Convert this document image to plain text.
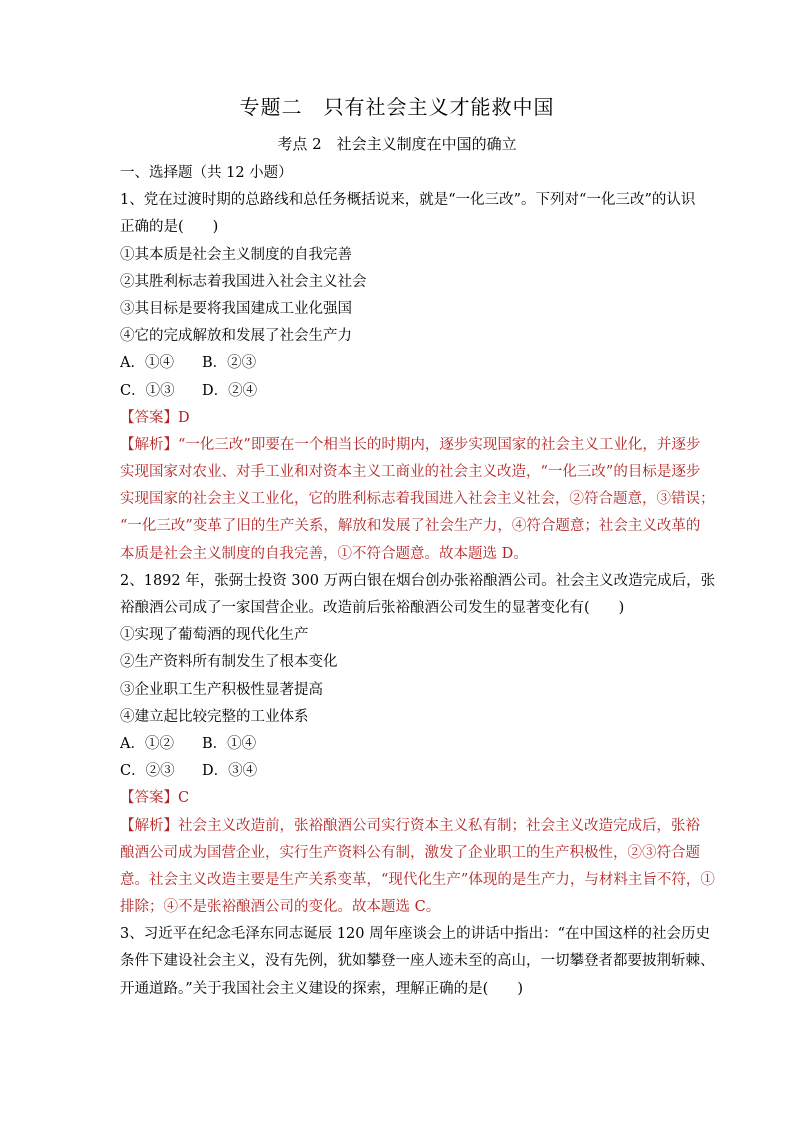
专题二　只有社会主义才能救中国
考点 2　社会主义制度在中国的确立
一、选择题（共 12 小题）
1、党在过渡时期的总路线和总任务概括说来，就是“一化三改”。下列对“一化三改”的认识
正确的是(　　)
①其本质是社会主义制度的自我完善
②其胜利标志着我国进入社会主义社会
③其目标是要将我国建成工业化强国
④它的完成解放和发展了社会生产力
A．①④ B．②③
C．①③ D．②④
【答案】D
【解析】“一化三改”即要在一个相当长的时期内，逐步实现国家的社会主义工业化，并逐步
实现国家对农业、对手工业和对资本主义工商业的社会主义改造，“一化三改”的目标是逐步
实现国家的社会主义工业化，它的胜利标志着我国进入社会主义社会，②符合题意，③错误；
“一化三改”变革了旧的生产关系，解放和发展了社会生产力，④符合题意；社会主义改革的
本质是社会主义制度的自我完善，①不符合题意。故本题选 D。
2、1892 年，张弼士投资 300 万两白银在烟台创办张裕酿酒公司。社会主义改造完成后，张
裕酿酒公司成了一家国营企业。改造前后张裕酿酒公司发生的显著变化有(　　)
①实现了葡萄酒的现代化生产
②生产资料所有制发生了根本变化
③企业职工生产积极性显著提高
④建立起比较完整的工业体系
A．①② B．①④
C．②③ D．③④
【答案】C
【解析】社会主义改造前，张裕酿酒公司实行资本主义私有制；社会主义改造完成后，张裕
酿酒公司成为国营企业，实行生产资料公有制，激发了企业职工的生产积极性，②③符合题
意。社会主义改造主要是生产关系变革，“现代化生产”体现的是生产力，与材料主旨不符，①
排除；④不是张裕酿酒公司的变化。故本题选 C。
3、习近平在纪念毛泽东同志诞辰 120 周年座谈会上的讲话中指出：“在中国这样的社会历史
条件下建设社会主义，没有先例，犹如攀登一座人迹未至的高山，一切攀登者都要披荆斩棘、
开通道路。”关于我国社会主义建设的探索，理解正确的是(　　)
